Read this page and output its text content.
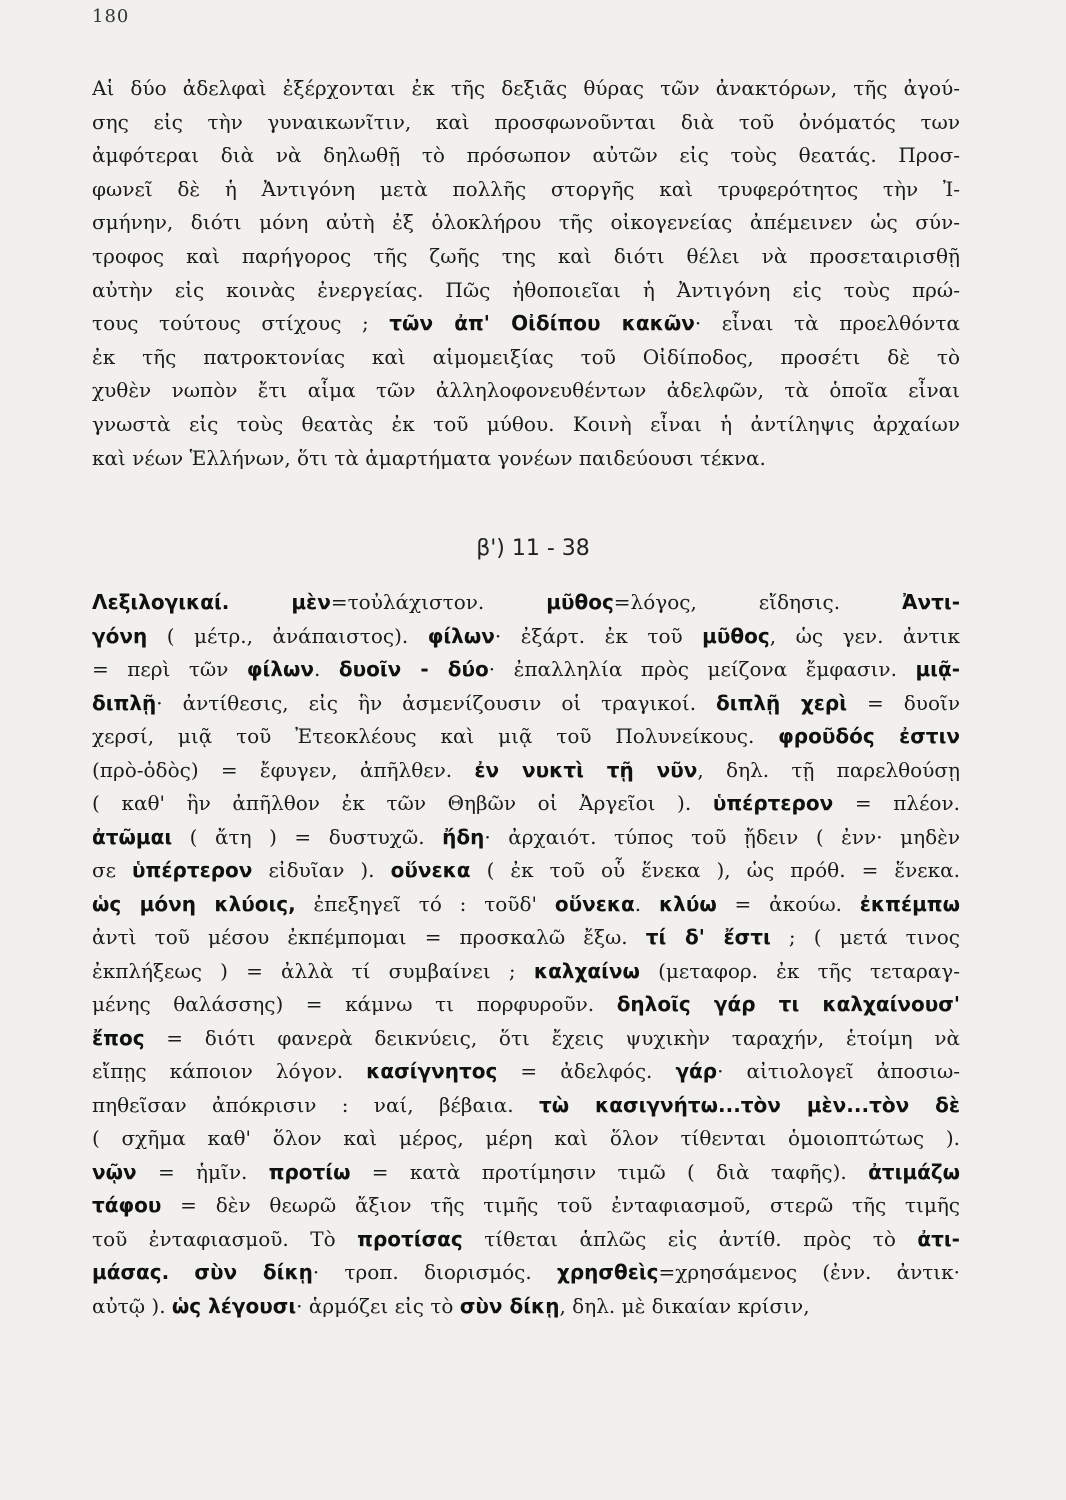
180
Αἱ δύο ἀδελφαὶ ἐξέρχονται ἐκ τῆς δεξιᾶς θύρας τῶν ἀνακτόρων, τῆς ἀγού-
σης εἰς τὴν γυναικωνῖτιν, καὶ προσφωνοῦνται διὰ τοῦ ὀνόματός των
ἀμφότεραι διὰ νὰ δηλωθῇ τὸ πρόσωπον αὐτῶν εἰς τοὺς θεατάς. Προσ-
φωνεῖ δὲ ἡ Ἀντιγόνη μετὰ πολλῆς στοργῆς καὶ τρυφερότητος τὴν Ἰ-
σμήνην, διότι μόνη αὐτὴ ἐξ ὁλοκλήρου τῆς οἰκογενείας ἀπέμεινεν ὡς σύν-
τροφος καὶ παρήγορος τῆς ζωῆς της καὶ διότι θέλει νὰ προσεταιρισθῇ
αὐτὴν εἰς κοινὰς ἐνεργείας. Πῶς ἠθοποιεῖαι ἡ Ἀντιγόνη εἰς τοὺς πρώ-
τους τούτους στίχους ; τῶν ἀπ' Οἰδίπου κακῶν· εἶναι τὰ προελθόντα
ἐκ τῆς πατροκτονίας καὶ αἱμομειξίας τοῦ Οἰδίποδος, προσέτι δὲ τὸ
χυθὲν νωπὸν ἔτι αἷμα τῶν ἀλληλοφονευθέντων ἀδελφῶν, τὰ ὁποῖα εἶναι
γνωστὰ εἰς τοὺς θεατὰς ἐκ τοῦ μύθου. Κοινὴ εἶναι ἡ ἀντίληψις ἀρχαίων
καὶ νέων Ἑλλήνων, ὅτι τὰ ἁμαρτήματα γονέων παιδεύουσι τέκνα.
β') 11 - 38
Λεξιλογικαί.	μὲν=τοὐλάχιστον. μῦθος=λόγος, εἴδησις. Ἀντι-
γόνη ( μέτρ., ἀνάπαιστος). φίλων· ἐξάρτ. ἐκ τοῦ μῦθος, ὡς γεν. ἀντικ
= περὶ τῶν φίλων. δυοῖν - δύο· ἐπαλληλία πρὸς μείζονα ἔμφασιν. μιᾷ-
διπλῇ· ἀντίθεσις, εἰς ἣν ἀσμενίζουσιν οἱ τραγικοί. διπλῇ χερὶ = δυοῖν
χερσί, μιᾷ τοῦ Ἐτεοκλέους καὶ μιᾷ τοῦ Πολυνείκους. φροῦδός ἐστιν
(πρὸ-ὁδὸς) = ἔφυγεν, ἀπῆλθεν. ἐν νυκτὶ τῇ νῦν, δηλ. τῇ παρελθούσῃ
( καθ' ἣν ἀπῆλθον ἐκ τῶν Θηβῶν οἱ Ἀργεῖοι ). ὑπέρτερον = πλέον.
ἀτῶμαι ( ἄτη ) = δυστυχῶ. ἤδη· ἀρχαιότ. τύπος τοῦ ᾔδειν ( ἐνν· μηδὲν
σε ὑπέρτερον εἰδυῖαν ). οὕνεκα ( ἐκ τοῦ οὗ ἕνεκα ), ὡς πρόθ. = ἕνεκα.
ὡς μόνη κλύοις, ἐπεξηγεῖ τό : τοῦδ' οὕνεκα. κλύω = ἀκούω. ἐκπέμπω
ἀντὶ τοῦ μέσου ἐκπέμπομαι = προσκαλῶ ἔξω. τί δ' ἔστι ; ( μετά τινος
ἐκπλήξεως ) = ἀλλὰ τί συμβαίνει ; καλχαίνω (μεταφορ. ἐκ τῆς τεταραγ-
μένης θαλάσσης) = κάμνω τι πορφυροῦν. δηλοῖς γάρ τι καλχαίνουσ'
ἔπος = διότι φανερὰ δεικνύεις, ὅτι ἔχεις ψυχικὴν ταραχήν, ἑτοίμη νὰ
εἴπῃς κάποιον λόγον. κασίγνητος = ἀδελφός. γάρ· αἰτιολογεῖ ἀποσιω-
πηθεῖσαν ἀπόκρισιν : ναί, βέβαια. τὼ κασιγνήτω...τὸν μὲν...τὸν δὲ
( σχῆμα καθ' ὅλον καὶ μέρος, μέρη καὶ ὅλον τίθενται ὁμοιοπτώτως ).
νῷν = ἡμῖν. προτίω = κατὰ προτίμησιν τιμῶ ( διὰ ταφῆς). ἀτιμάζω
τάφου = δὲν θεωρῶ ἄξιον τῆς τιμῆς τοῦ ἐνταφιασμοῦ, στερῶ τῆς τιμῆς
τοῦ ἐνταφιασμοῦ. Τὸ προτίσας τίθεται ἁπλῶς εἰς ἀντίθ. πρὸς τὸ ἀτι-
μάσας. σὺν δίκῃ· τροπ. διορισμός. χρησθεὶς=χρησάμενος (ἐνν. ἀντικ·
αὐτῷ ). ὡς λέγουσι· ἁρμόζει εἰς τὸ σὺν δίκῃ, δηλ. μὲ δικαίαν κρίσιν,
